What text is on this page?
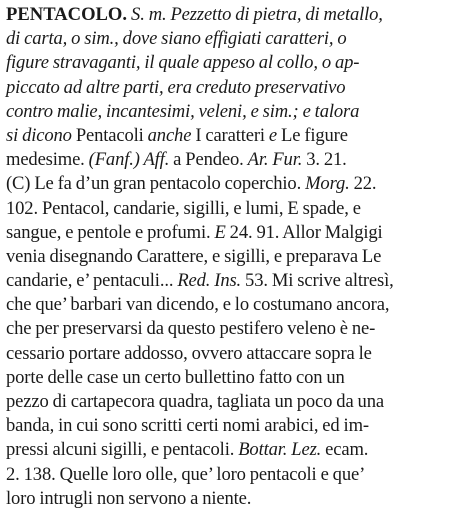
PENTACOLO. S. m. Pezzetto di pietra, di metallo,
di carta, o sim., dove siano effigiati caratteri, o
figure stravaganti, il quale appeso al collo, o ap-
piccato ad altre parti, era creduto preservativo
contro malie, incantesimi, veleni, e sim.; e talora
si dicono Pentacoli anche I caratteri e Le figure
medesime. (Fanf.) Aff. a Pendeo. Ar. Fur. 3. 21.
(C) Le fa d’un gran pentacolo coperchio. Morg. 22.
102. Pentacol, candarie, sigilli, e lumi, E spade, e
sangue, e pentole e profumi. E 24. 91. Allor Malgigi
venia disegnando Carattere, e sigilli, e preparava Le
candarie, e’ pentaculi... Red. Ins. 53. Mi scrive altresì,
che que’ barbari van dicendo, e lo costumano ancora,
che per preservarsi da questo pestifero veleno è ne-
cessario portare addosso, ovvero attaccare sopra le
porte delle case un certo bullettino fatto con un
pezzo di cartapecora quadra, tagliata un poco da una
banda, in cui sono scritti certi nomi arabici, ed im-
pressi alcuni sigilli, e pentacoli. Bottar. Lez. ecam.
2. 138. Quelle loro olle, que’ loro pentacoli e que’
loro intrugli non servono a niente.
